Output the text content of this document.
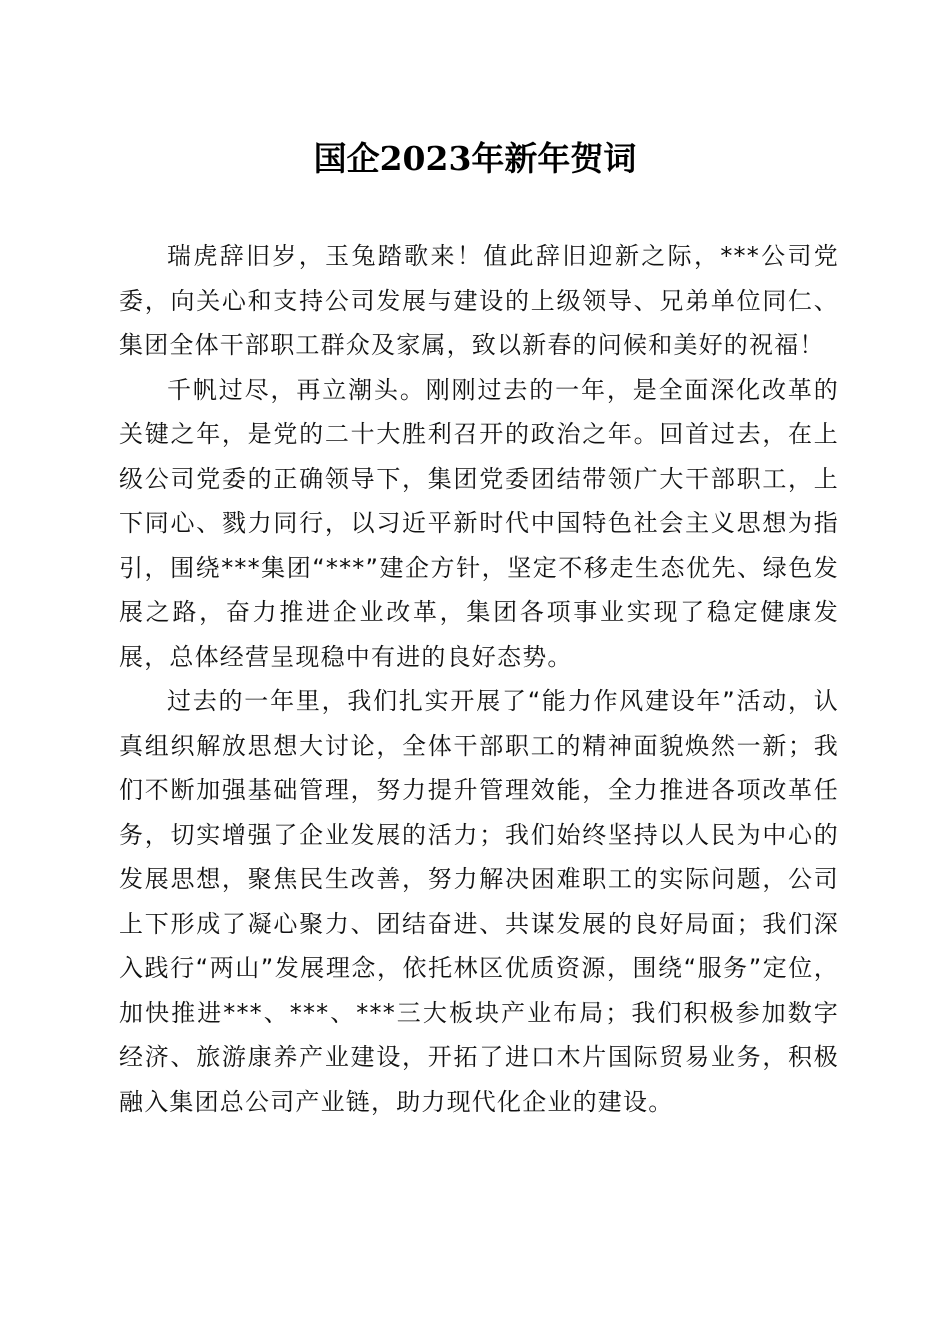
国企2023年新年贺词

瑞虎辞旧岁，玉兔踏歌来！值此辞旧迎新之际，***公司党委，向关心和支持公司发展与建设的上级领导、兄弟单位同仁、集团全体干部职工群众及家属，致以新春的问候和美好的祝福！

千帆过尽，再立潮头。刚刚过去的一年，是全面深化改革的关键之年，是党的二十大胜利召开的政治之年。回首过去，在上级公司党委的正确领导下，集团党委团结带领广大干部职工，上下同心、戮力同行，以习近平新时代中国特色社会主义思想为指引，围绕***集团“***”建企方针，坚定不移走生态优先、绿色发展之路，奋力推进企业改革，集团各项事业实现了稳定健康发展，总体经营呈现稳中有进的良好态势。

过去的一年里，我们扎实开展了“能力作风建设年”活动，认真组织解放思想大讨论，全体干部职工的精神面貌焕然一新；我们不断加强基础管理，努力提升管理效能，全力推进各项改革任务，切实增强了企业发展的活力；我们始终坚持以人民为中心的发展思想，聚焦民生改善，努力解决困难职工的实际问题，公司上下形成了凝心聚力、团结奋进、共谋发展的良好局面；我们深入践行“两山”发展理念，依托林区优质资源，围绕“服务”定位，加快推进***、***、***三大板块产业布局；我们积极参加数字经济、旅游康养产业建设，开拓了进口木片国际贸易业务，积极融入集团总公司产业链，助力现代化企业的建设。
